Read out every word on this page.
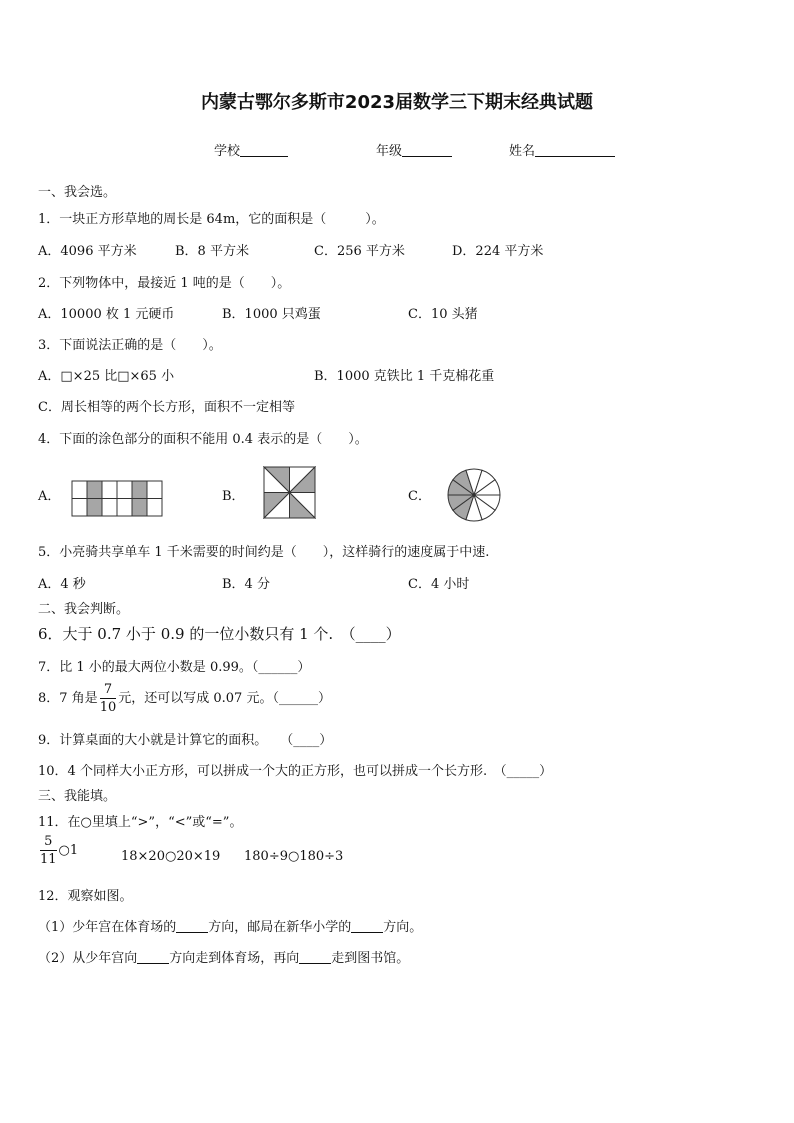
内蒙古鄂尔多斯市2023届数学三下期末经典试题
学校	年级	姓名
一、我会选。
1．一块正方形草地的周长是 64m，它的面积是（　　　）。
A．4096 平方米	B．8 平方米	C．256 平方米	D．224 平方米
2．下列物体中，最接近 1 吨的是（　　）。
A．10000 枚 1 元硬币	B．1000 只鸡蛋	C．10 头猪
3．下面说法正确的是（　　）。
A．□×25 比□×65 小	B．1000 克铁比 1 千克棉花重
C．周长相等的两个长方形，面积不一定相等
4．下面的涂色部分的面积不能用 0.4 表示的是（　　）。
A．	B．	C．
5．小亮骑共享单车 1 千米需要的时间约是（　　），这样骑行的速度属于中速.
A．4 秒	B．4 分	C．4 小时
二、我会判断。
6．大于 0.7 小于 0.9 的一位小数只有 1 个.　（____）
7．比 1 小的最大两位小数是 0.99。（______）
8．7 角是 $\frac{7}{10}$ 元，还可以写成 0.07 元。（______）
9．计算桌面的大小就是计算它的面积。　　（____）
10．4 个同样大小正方形，可以拼成一个大的正方形，也可以拼成一个长方形.　（_____）
三、我能填。
11．在○里填上“>”，“<”或“=”。
$\frac{5}{11}$ ○1	18×20○20×19 180÷9○180÷3
12．观察如图。
（1）少年宫在体育场的 方向，邮局在新华小学的 方向。
（2）从少年宫向 方向走到体育场，再向 走到图书馆。
